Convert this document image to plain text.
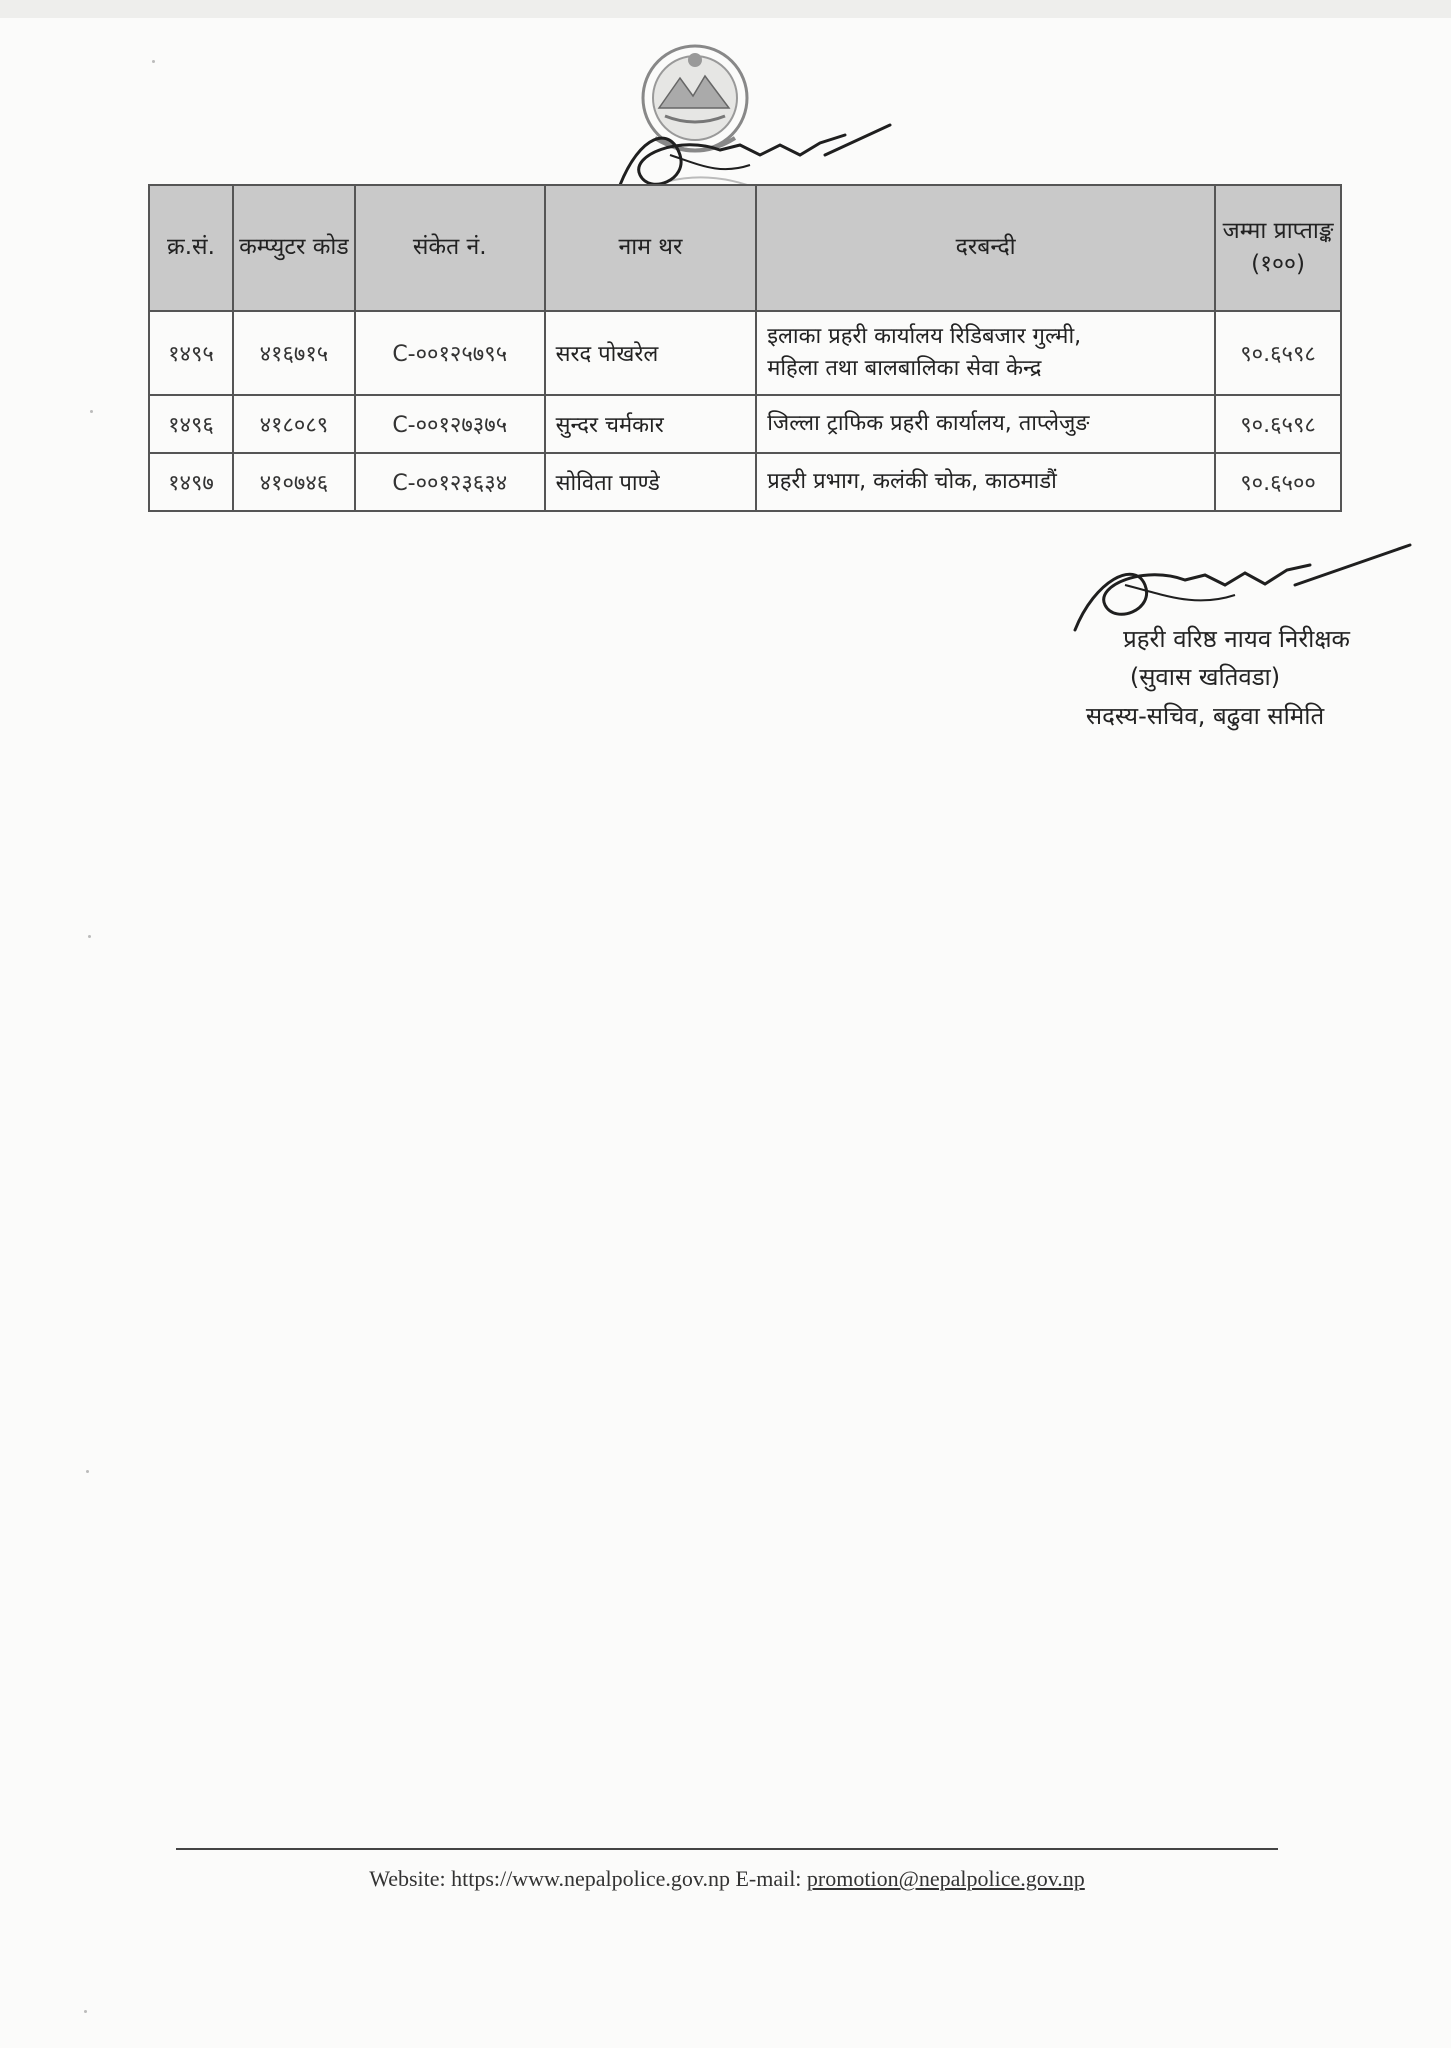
क्र.सं.	कम्प्युटर कोड	संकेत नं.	नाम थर	दरबन्दी	जम्मा प्राप्ताङ्क (१००)
१४९५	४१६७१५	C-००१२५७९५	सरद पोखरेल	इलाका प्रहरी कार्यालय रिडिबजार गुल्मी,
महिला तथा बालबालिका सेवा केन्द्र	९०.६५९८
१४९६	४१८०८९	C-००१२७३७५	सुन्दर चर्मकार	जिल्ला ट्राफिक प्रहरी कार्यालय, ताप्लेजुङ	९०.६५९८
१४९७	४१०७४६	C-००१२३६३४	सोविता पाण्डे	प्रहरी प्रभाग, कलंकी चोक, काठमाडौं	९०.६५००
प्रहरी वरिष्ठ नायव निरीक्षक
(सुवास खतिवडा)
सदस्य-सचिव, बढुवा समिति
Website: https://www.nepalpolice.gov.np E-mail: promotion@nepalpolice.gov.np
